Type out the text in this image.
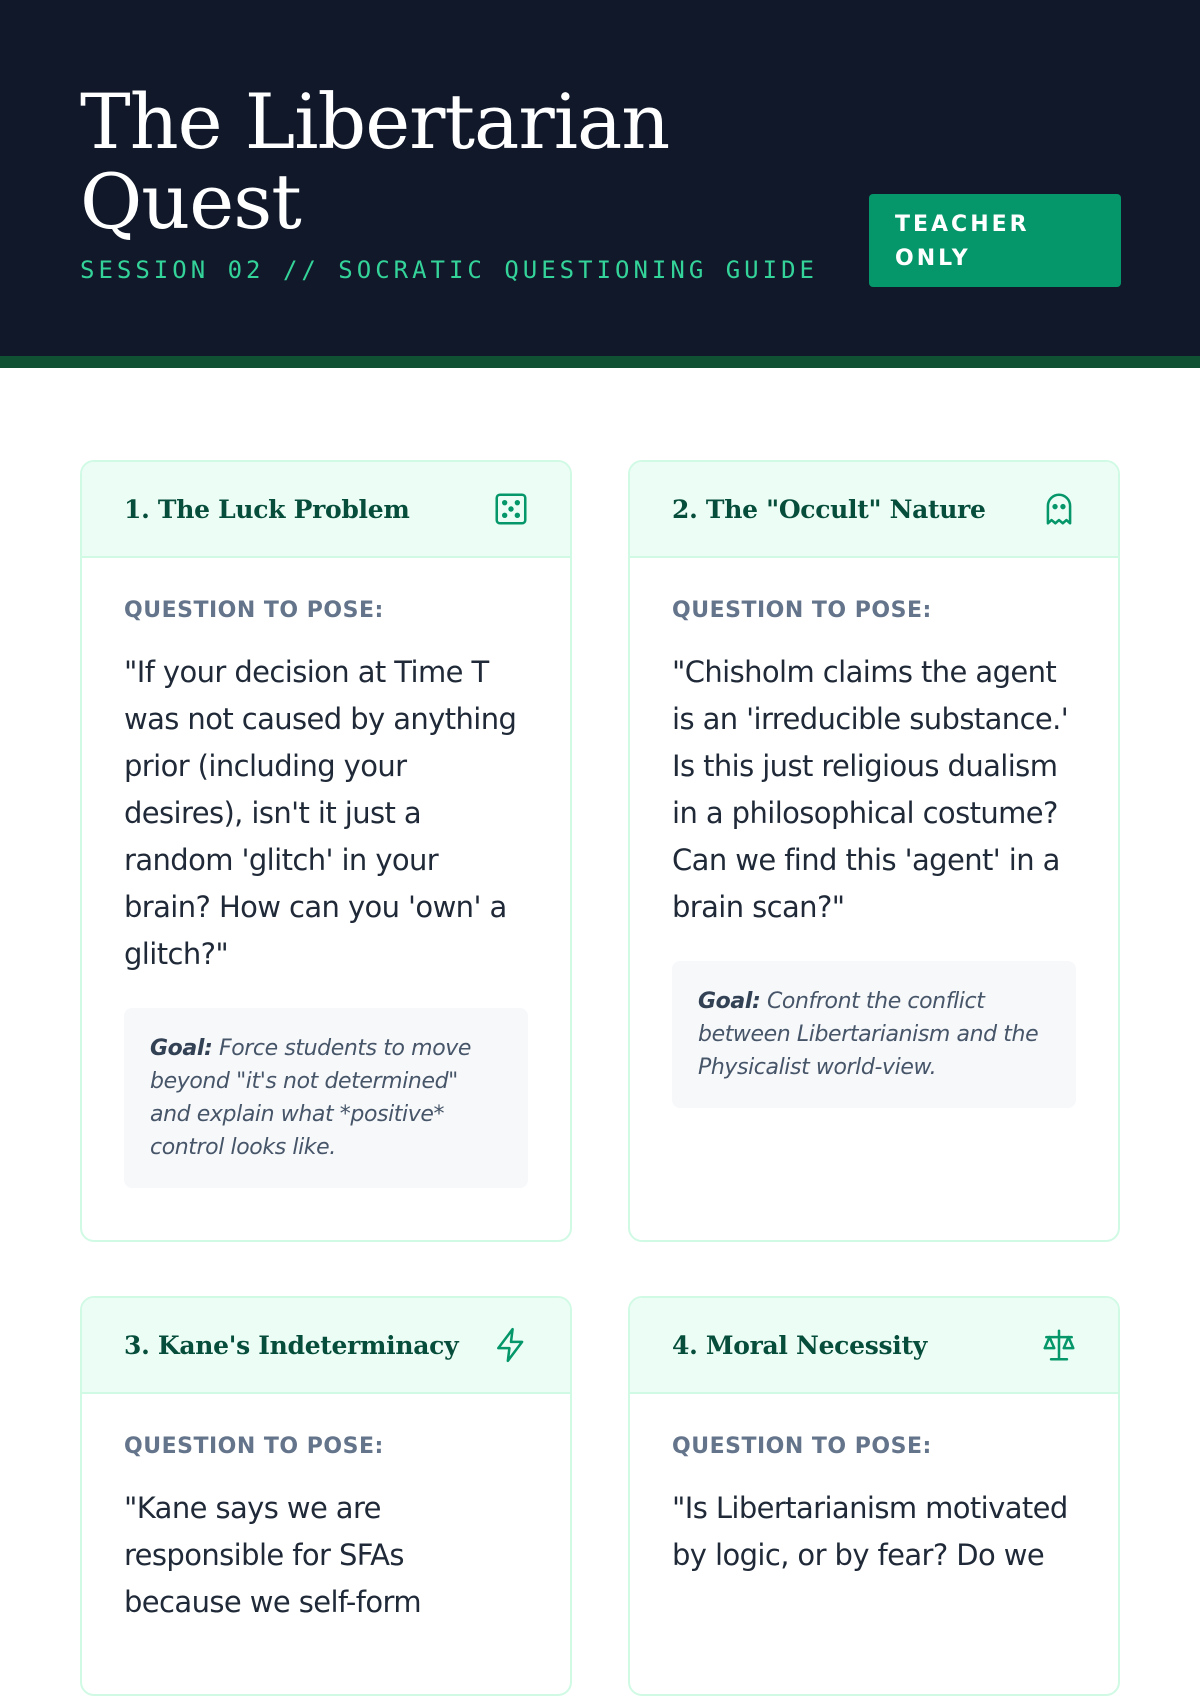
The Libertarian
Quest
SESSION 02 // SOCRATIC QUESTIONING GUIDE
TEACHER
ONLY
1. The Luck Problem
QUESTION TO POSE:
"If your decision at Time T was not caused by anything prior (including your desires), isn't it just a random 'glitch' in your brain? How can you 'own' a glitch?"
Goal: Force students to move beyond "it's not determined" and explain what *positive* control looks like.
2. The "Occult" Nature
QUESTION TO POSE:
"Chisholm claims the agent is an 'irreducible substance.' Is this just religious dualism in a philosophical costume? Can we find this 'agent' in a brain scan?"
Goal: Confront the conflict between Libertarianism and the Physicalist world-view.
3. Kane's Indeterminacy
QUESTION TO POSE:
"Kane says we are responsible for SFAs because we self-form
4. Moral Necessity
QUESTION TO POSE:
"Is Libertarianism motivated by logic, or by fear? Do we
